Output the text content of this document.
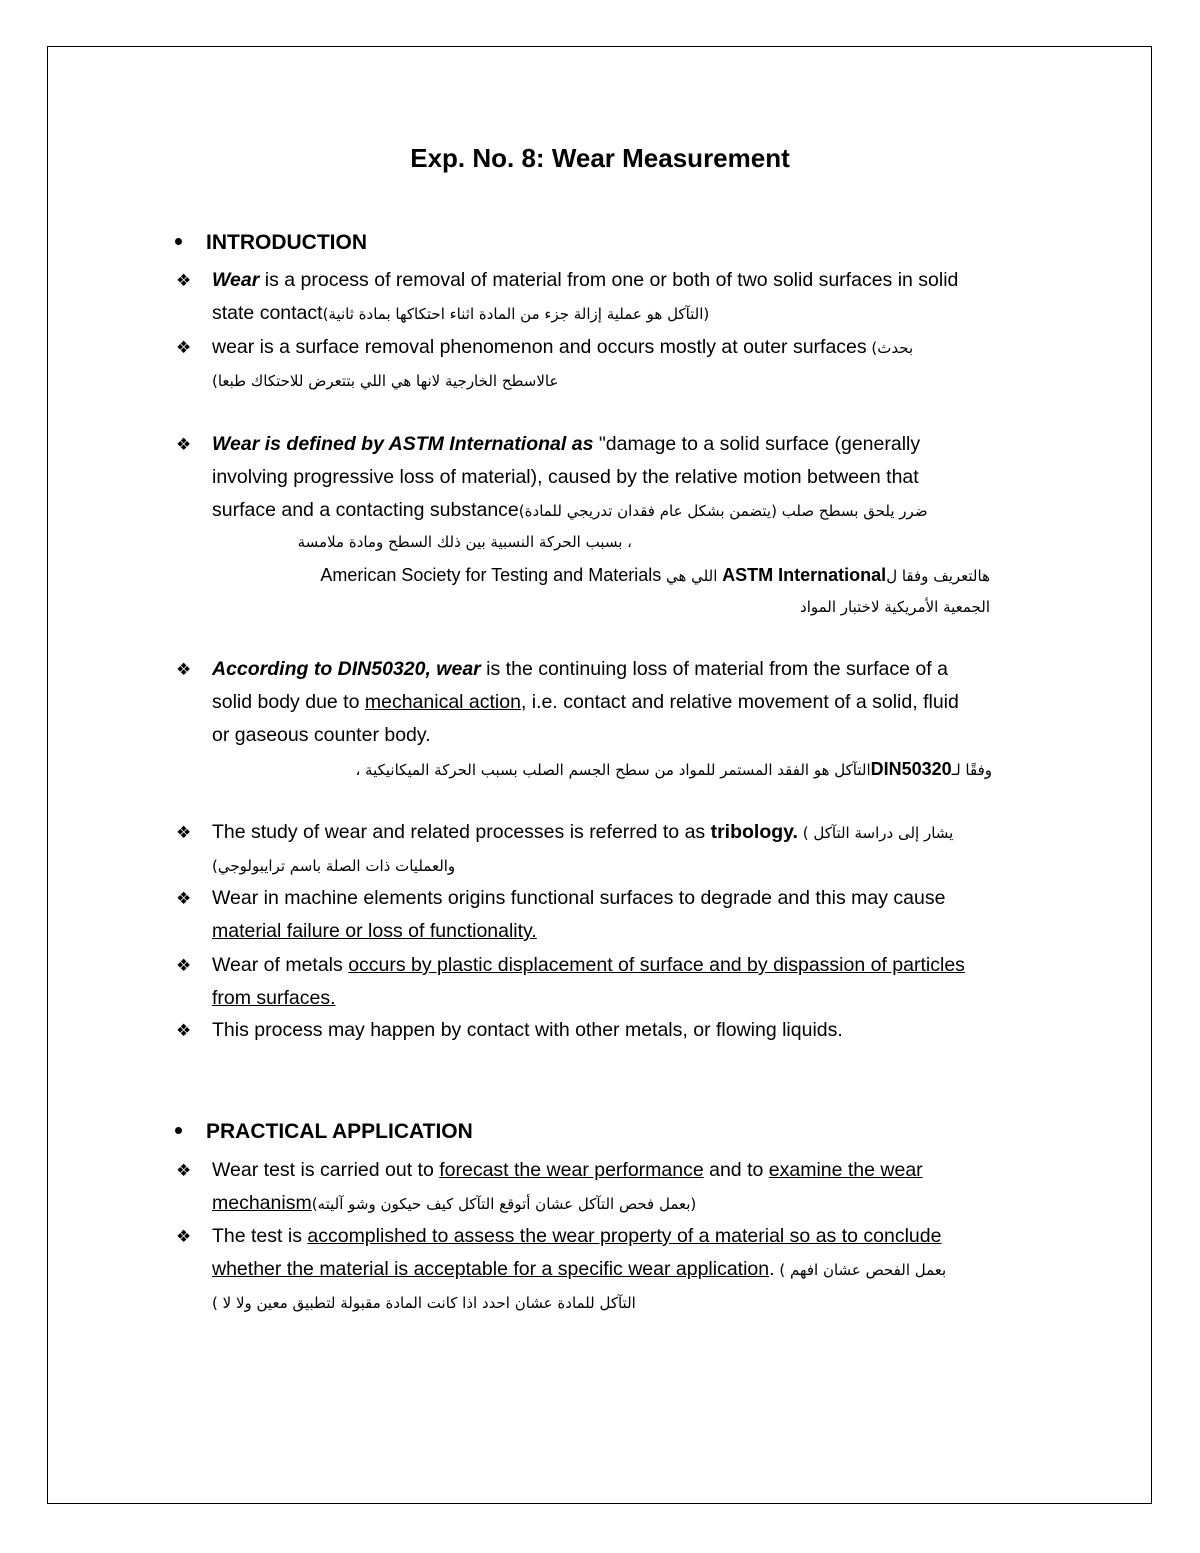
Exp. No. 8: Wear Measurement
INTRODUCTION
❖ Wear is a process of removal of material from one or both of two solid surfaces in solid
state contact(التآكل هو عملية إزالة جزء من المادة اثناء احتكاكها بمادة ثانية)
❖ wear is a surface removal phenomenon and occurs mostly at outer surfaces (بحدث
عالاسطح الخارجية لانها هي اللي بتتعرض للاحتكاك طبعا)
❖ Wear is defined by ASTM International as "damage to a solid surface (generally
involving progressive loss of material), caused by the relative motion between that
surface and a contacting substance ضرر يلحق بسطح صلب (يتضمن بشكل عام فقدان تدريجي للمادة)
، بسبب الحركة النسبية بين ذلك السطح ومادة ملامسة
American Society for Testing and Materials اللي هي ASTM Internationalهالتعريف وفقا ل
الجمعية الأمريكية لاختبار المواد
❖ According to DIN50320, wear is the continuing loss of material from the surface of a
solid body due to mechanical action, i.e. contact and relative movement of a solid, fluid
or gaseous counter body.
، التآكل هو الفقد المستمر للمواد من سطح الجسم الصلب بسبب الحركة الميكانيكيةDIN50320وفقًا لـ
❖ The study of wear and related processes is referred to as tribology. ( يشار إلى دراسة التآكل
والعمليات ذات الصلة باسم ترايبولوجي)
❖ Wear in machine elements origins functional surfaces to degrade and this may cause
material failure or loss of functionality.
❖ Wear of metals occurs by plastic displacement of surface and by dispassion of particles
from surfaces.
❖ This process may happen by contact with other metals, or flowing liquids.
PRACTICAL APPLICATION
❖ Wear test is carried out to forecast the wear performance and to examine the wear
mechanism(بعمل فحص التآكل عشان أتوقع التآكل كيف حيكون وشو آليته)
❖ The test is accomplished to assess the wear property of a material so as to conclude
whether the material is acceptable for a specific wear application. ( بعمل الفحص عشان افهم
التآكل للمادة عشان احدد اذا كانت المادة مقبولة لتطبيق معين ولا لا )
